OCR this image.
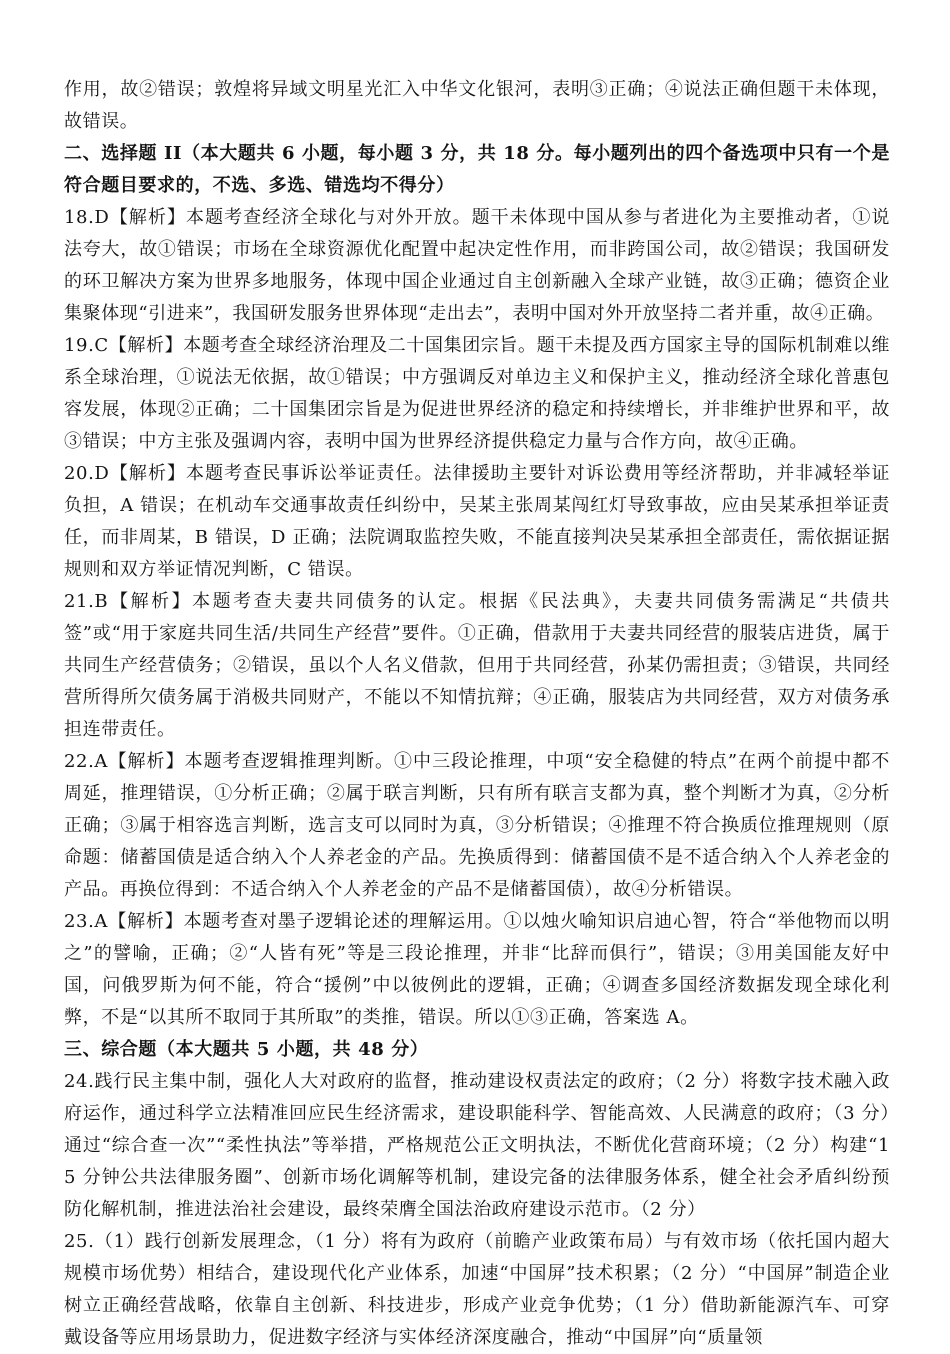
作用，故②错误；敦煌将异域文明星光汇入中华文化银河，表明③正确；④说法正确但题干未体现，故错误。

二、选择题 II（本大题共 6 小题，每小题 3 分，共 18 分。每小题列出的四个备选项中只有一个是符合题目要求的，不选、多选、错选均不得分）

18.D【解析】本题考查经济全球化与对外开放。题干未体现中国从参与者进化为主要推动者，①说法夸大，故①错误；市场在全球资源优化配置中起决定性作用，而非跨国公司，故②错误；我国研发的环卫解决方案为世界多地服务，体现中国企业通过自主创新融入全球产业链，故③正确；德资企业集聚体现“引进来”，我国研发服务世界体现“走出去”，表明中国对外开放坚持二者并重，故④正确。

19.C【解析】本题考查全球经济治理及二十国集团宗旨。题干未提及西方国家主导的国际机制难以维系全球治理，①说法无依据，故①错误；中方强调反对单边主义和保护主义，推动经济全球化普惠包容发展，体现②正确；二十国集团宗旨是为促进世界经济的稳定和持续增长，并非维护世界和平，故③错误；中方主张及强调内容，表明中国为世界经济提供稳定力量与合作方向，故④正确。

20.D【解析】本题考查民事诉讼举证责任。法律援助主要针对诉讼费用等经济帮助，并非减轻举证负担，A 错误；在机动车交通事故责任纠纷中，吴某主张周某闯红灯导致事故，应由吴某承担举证责任，而非周某，B 错误，D 正确；法院调取监控失败，不能直接判决吴某承担全部责任，需依据证据规则和双方举证情况判断，C 错误。

21.B【解析】本题考查夫妻共同债务的认定。根据《民法典》，夫妻共同债务需满足“共债共签”或“用于家庭共同生活/共同生产经营”要件。①正确，借款用于夫妻共同经营的服装店进货，属于共同生产经营债务；②错误，虽以个人名义借款，但用于共同经营，孙某仍需担责；③错误，共同经营所得所欠债务属于消极共同财产，不能以不知情抗辩；④正确，服装店为共同经营，双方对债务承担连带责任。

22.A【解析】本题考查逻辑推理判断。①中三段论推理，中项“安全稳健的特点”在两个前提中都不周延，推理错误，①分析正确；②属于联言判断，只有所有联言支都为真，整个判断才为真，②分析正确；③属于相容选言判断，选言支可以同时为真，③分析错误；④推理不符合换质位推理规则（原命题：储蓄国债是适合纳入个人养老金的产品。先换质得到：储蓄国债不是不适合纳入个人养老金的产品。再换位得到：不适合纳入个人养老金的产品不是储蓄国债），故④分析错误。

23.A【解析】本题考查对墨子逻辑论述的理解运用。①以烛火喻知识启迪心智，符合“举他物而以明之”的譬喻，正确；②“人皆有死”等是三段论推理，并非“比辞而俱行”，错误；③用美国能友好中国，问俄罗斯为何不能，符合“援例”中以彼例此的逻辑，正确；④调查多国经济数据发现全球化利弊，不是“以其所不取同于其所取”的类推，错误。所以①③正确，答案选 A。

三、综合题（本大题共 5 小题，共 48 分）

24.践行民主集中制，强化人大对政府的监督，推动建设权责法定的政府；（2 分）将数字技术融入政府运作，通过科学立法精准回应民生经济需求，建设职能科学、智能高效、人民满意的政府；（3 分）通过“综合查一次”“柔性执法”等举措，严格规范公正文明执法，不断优化营商环境；（2 分）构建“15 分钟公共法律服务圈”、创新市场化调解等机制，建设完备的法律服务体系，健全社会矛盾纠纷预防化解机制，推进法治社会建设，最终荣膺全国法治政府建设示范市。（2 分）

25.（1）践行创新发展理念，（1 分）将有为政府（前瞻产业政策布局）与有效市场（依托国内超大规模市场优势）相结合，建设现代化产业体系，加速“中国屏”技术积累；（2 分）“中国屏”制造企业树立正确经营战略，依靠自主创新、科技进步，形成产业竞争优势；（1 分）借助新能源汽车、可穿戴设备等应用场景助力，促进数字经济与实体经济深度融合，推动“中国屏”向“质量领
